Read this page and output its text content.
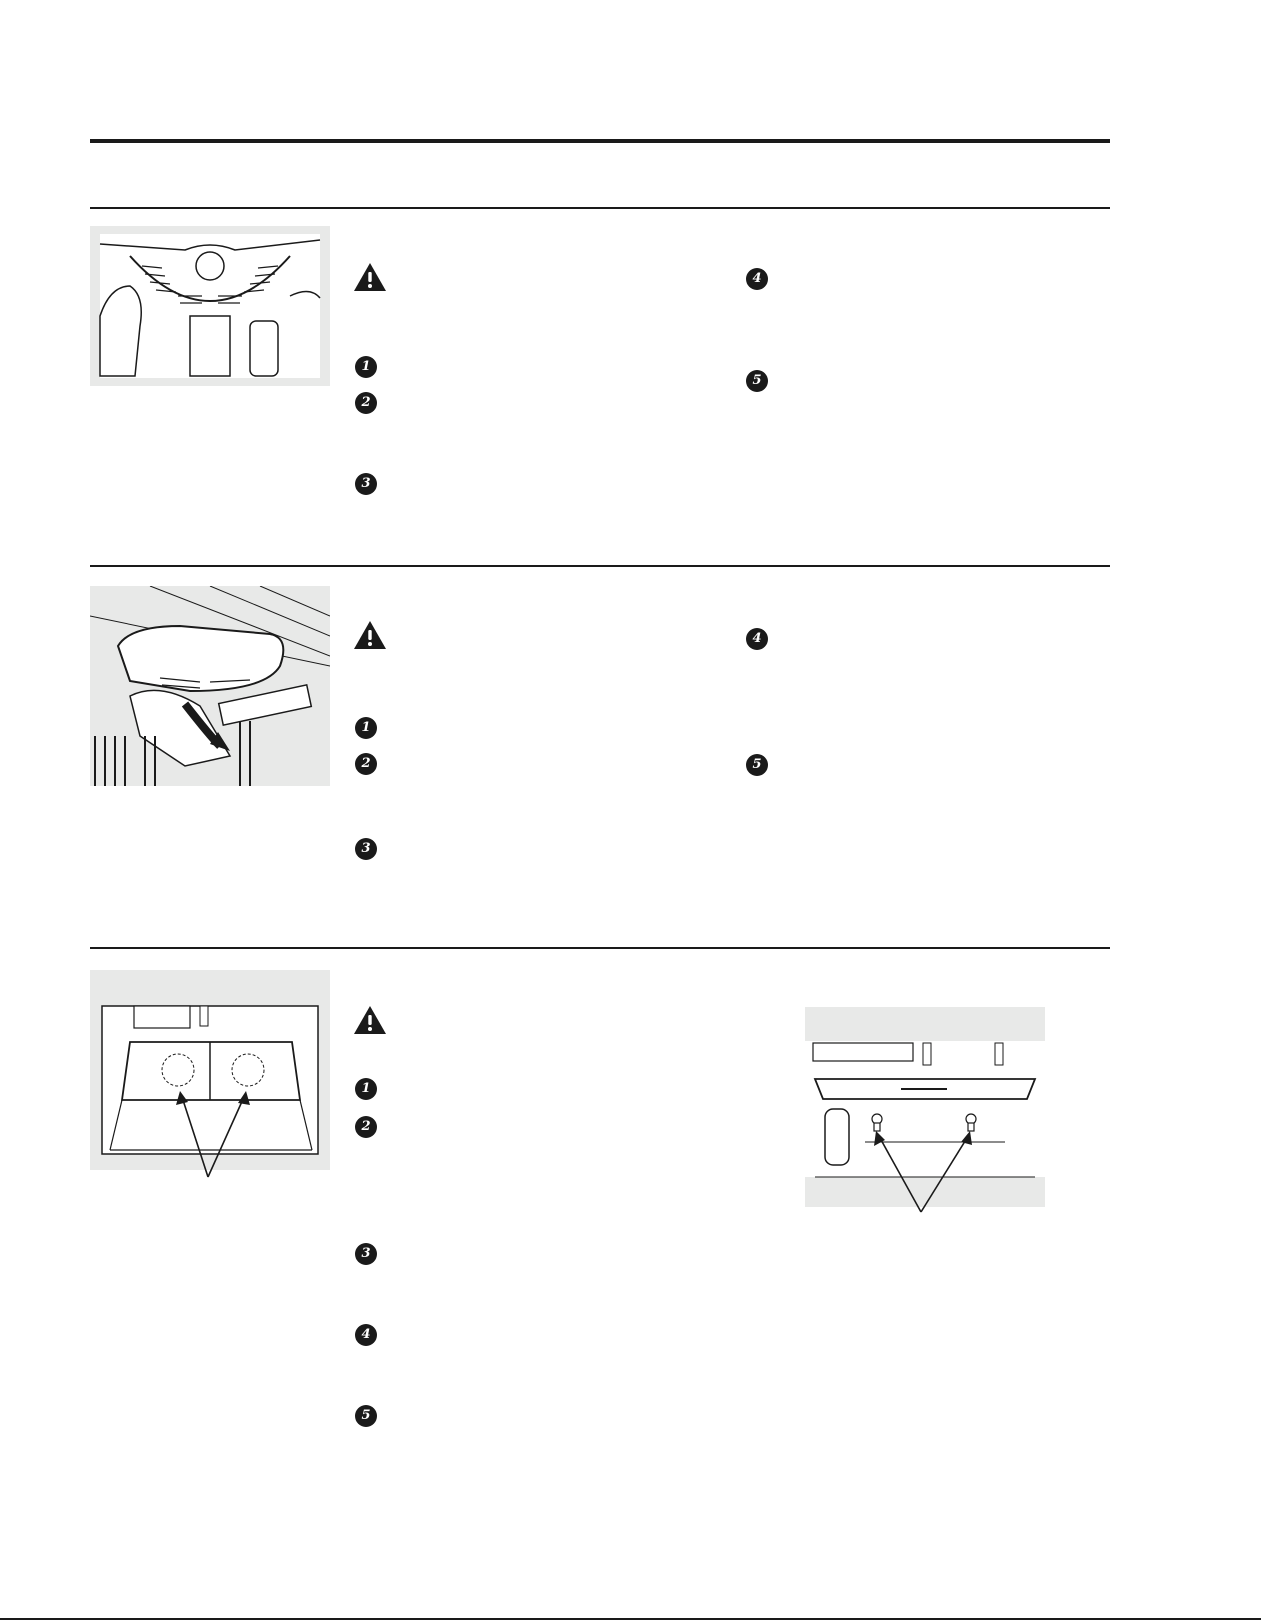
1
2
3
4
5
1
2
3
4
5
1
2
3
4
5
